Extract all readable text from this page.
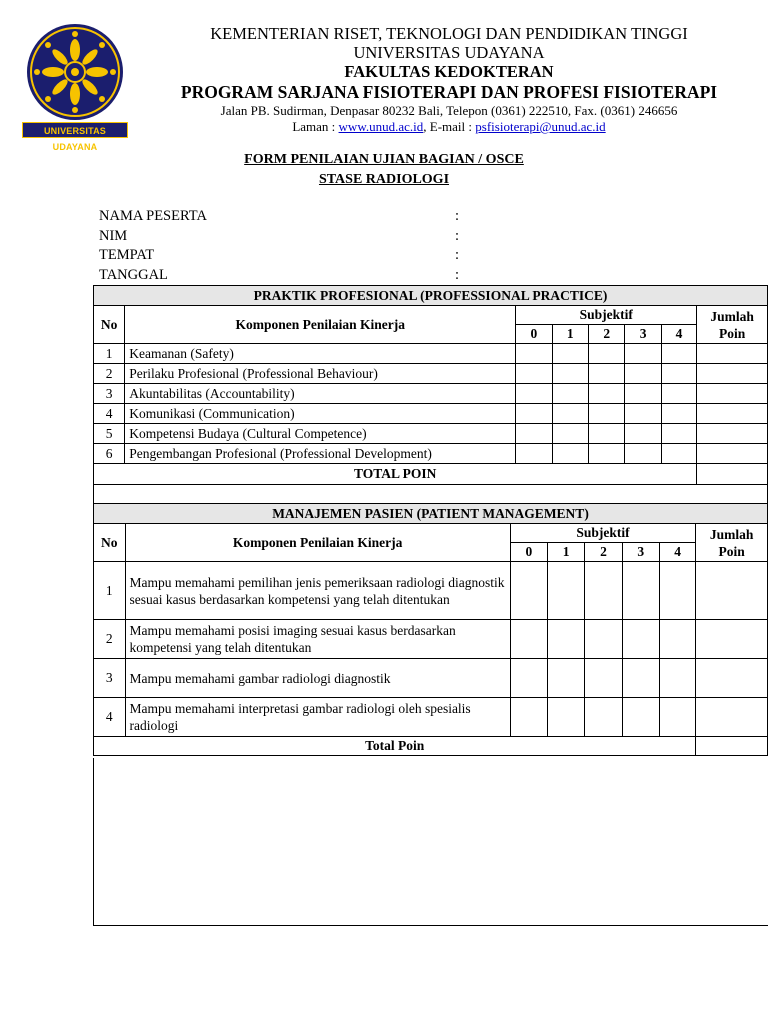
UNIVERSITAS UDAYANA
KEMENTERIAN RISET, TEKNOLOGI DAN PENDIDIKAN TINGGI
UNIVERSITAS UDAYANA
FAKULTAS KEDOKTERAN
PROGRAM SARJANA FISIOTERAPI DAN PROFESI FISIOTERAPI
Jalan PB. Sudirman, Denpasar 80232 Bali, Telepon (0361) 222510, Fax. (0361) 246656
Laman : www.unud.ac.id, E-mail : psfisioterapi@unud.ac.id
FORM PENILAIAN UJIAN BAGIAN / OSCE
STASE RADIOLOGI
NAMA PESERTA	:
NIM	:
TEMPAT	:
TANGGAL	:
PRAKTIK PROFESIONAL (PROFESSIONAL PRACTICE)							
No	Komponen Penilaian Kinerja	Subjektif					Jumlah Poin
		0	1	2	3	4	
1	Keamanan (Safety)						
2	Perilaku Profesional (Professional Behaviour)						
3	Akuntabilitas (Accountability)						
4	Komunikasi (Communication)						
5	Kompetensi Budaya (Cultural Competence)						
6	Pengembangan Profesional (Professional Development)						
TOTAL POIN							

MANAJEMEN PASIEN (PATIENT MANAGEMENT)							
No	Komponen Penilaian Kinerja	Subjektif					Jumlah Poin
		0	1	2	3	4	
1	Mampu memahami pemilihan jenis pemeriksaan radiologi diagnostik sesuai kasus berdasarkan kompetensi yang telah ditentukan						
2	Mampu memahami posisi imaging sesuai kasus berdasarkan kompetensi yang telah ditentukan						
3	Mampu memahami gambar radiologi diagnostik						
4	Mampu memahami interpretasi gambar radiologi oleh spesialis radiologi						
Total Poin							
